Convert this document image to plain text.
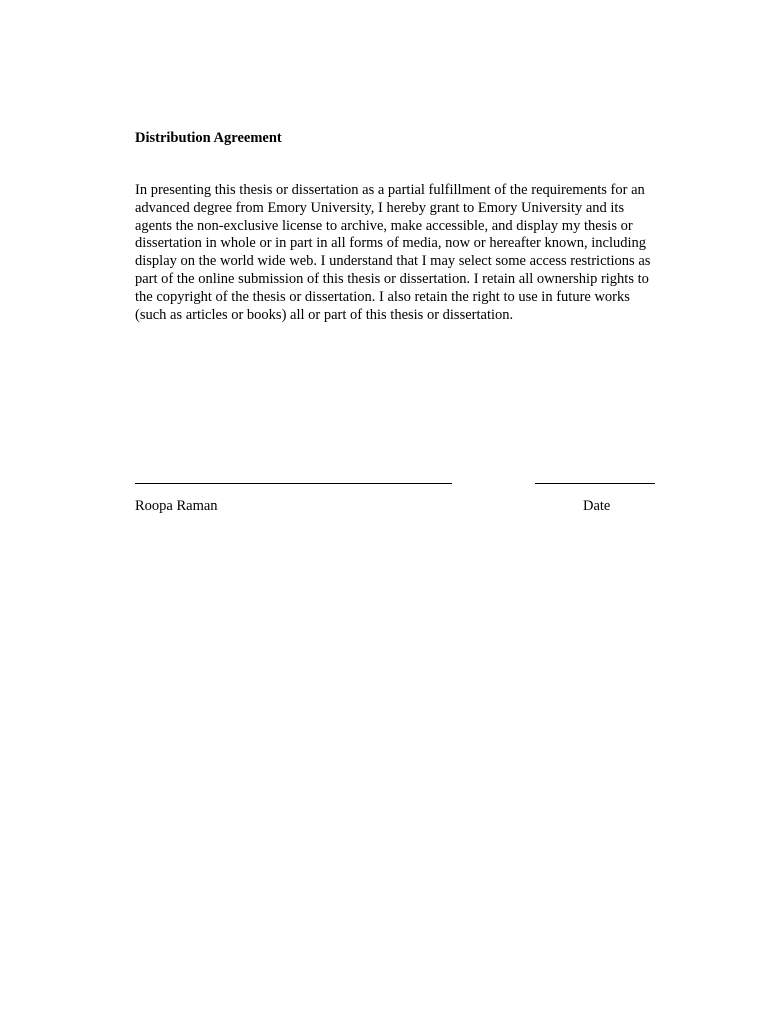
Distribution Agreement

In presenting this thesis or dissertation as a partial fulfillment of the requirements for an
advanced degree from Emory University, I hereby grant to Emory University and its
agents the non-exclusive license to archive, make accessible, and display my thesis or
dissertation in whole or in part in all forms of media, now or hereafter known, including
display on the world wide web. I understand that I may select some access restrictions as
part of the online submission of this thesis or dissertation. I retain all ownership rights to
the copyright of the thesis or dissertation. I also retain the right to use in future works
(such as articles or books) all or part of this thesis or dissertation.

Roopa Raman	Date
